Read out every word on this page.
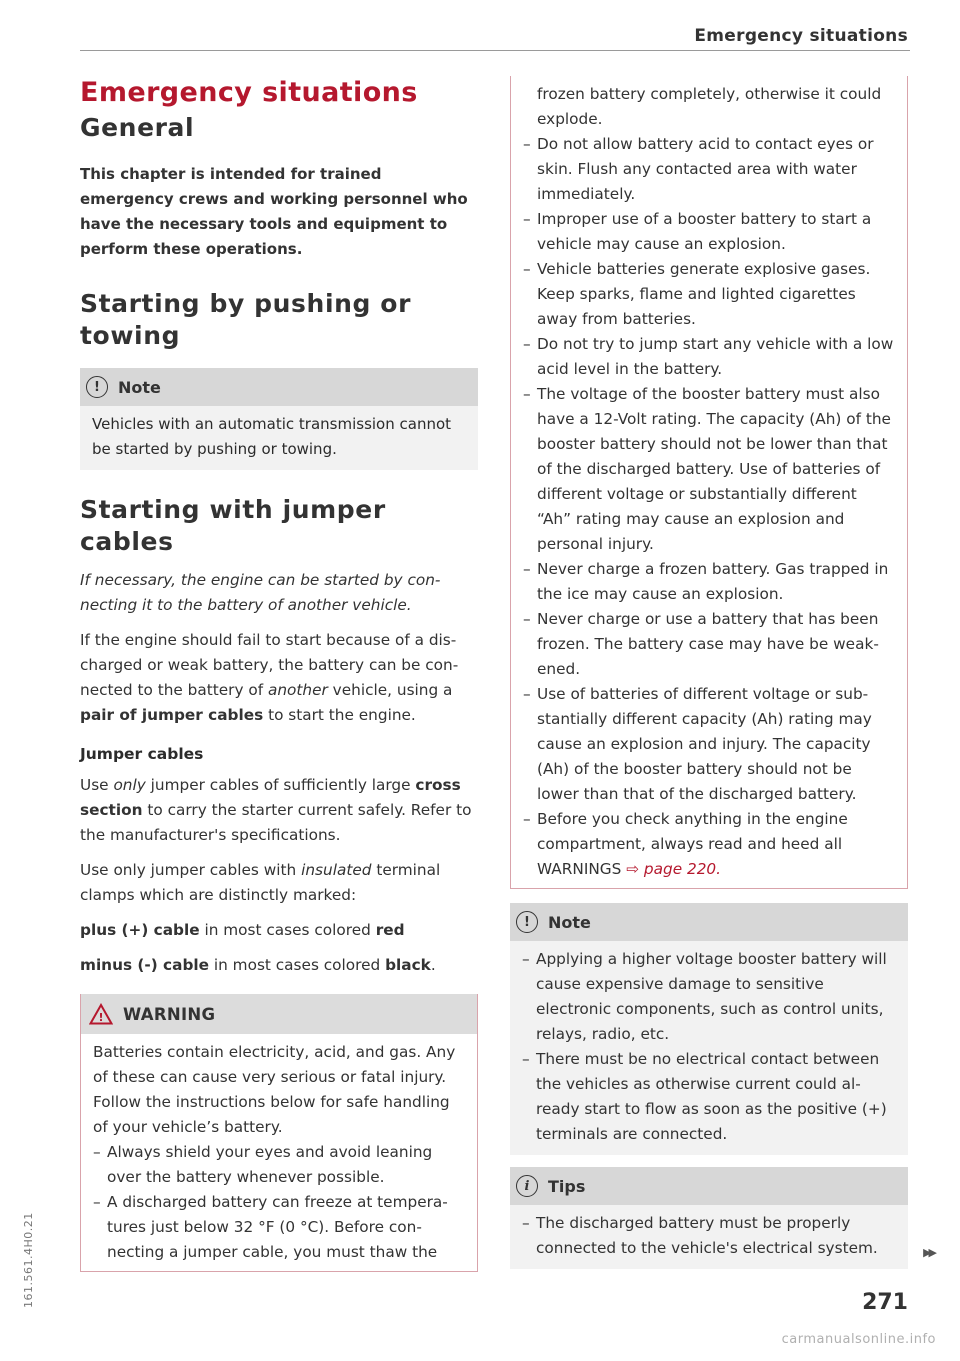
Emergency situations
Emergency situations
General
This chapter is intended for trained emergency crews and working personnel who have the necessary tools and equipment to perform these operations.
Starting by pushing or towing
!	Note
Vehicles with an automatic transmission cannot be started by pushing or towing.
Starting with jumper cables

If necessary, the engine can be started by connecting it to the battery of another vehicle.

If the engine should fail to start because of a discharged or weak battery, the battery can be connected to the battery of another vehicle, using a pair of jumper cables to start the engine.

Jumper cables

Use only jumper cables of sufficiently large cross section to carry the starter current safely. Refer to the manufacturer's specifications.

Use only jumper cables with insulated terminal clamps which are distinctly marked:

plus (+) cable in most cases colored red

minus (-) cable in most cases colored black.

! WARNING

Batteries contain electricity, acid, and gas. Any of these can cause very serious or fatal injury. Follow the instructions below for safe handling of your vehicle’s battery.

– Always shield your eyes and avoid leaning over the battery whenever possible.
– A discharged battery can freeze at temperatures just below 32 °F (0 °C). Before connecting a jumper cable, you must thaw the

frozen battery completely, otherwise it could explode.

– Do not allow battery acid to contact eyes or skin. Flush any contacted area with water immediately.
– Improper use of a booster battery to start a vehicle may cause an explosion.
– Vehicle batteries generate explosive gases. Keep sparks, flame and lighted cigarettes away from batteries.
– Do not try to jump start any vehicle with a low acid level in the battery.
– The voltage of the booster battery must also have a 12-Volt rating. The capacity (Ah) of the booster battery should not be lower than that of the discharged battery. Use of batteries of different voltage or substantially different “Ah” rating may cause an explosion and personal injury.
– Never charge a frozen battery. Gas trapped in the ice may cause an explosion.
– Never charge or use a battery that has been frozen. The battery case may have be weakened.
– Use of batteries of different voltage or substantially different capacity (Ah) rating may cause an explosion and injury. The capacity (Ah) of the booster battery should not be lower than that of the discharged battery.
– Before you check anything in the engine compartment, always read and heed all WARNINGS ⇨ page 220.
!	Note
– Applying a higher voltage booster battery will cause expensive damage to sensitive electronic components, such as control units, relays, radio, etc.
– There must be no electrical contact between the vehicles as otherwise current could already start to flow as soon as the positive (+) terminals are connected.
i	Tips
– The discharged battery must be properly connected to the vehicle's electrical system.	▶▶
161.561.4H0.21	271
carmanualsonline.info
